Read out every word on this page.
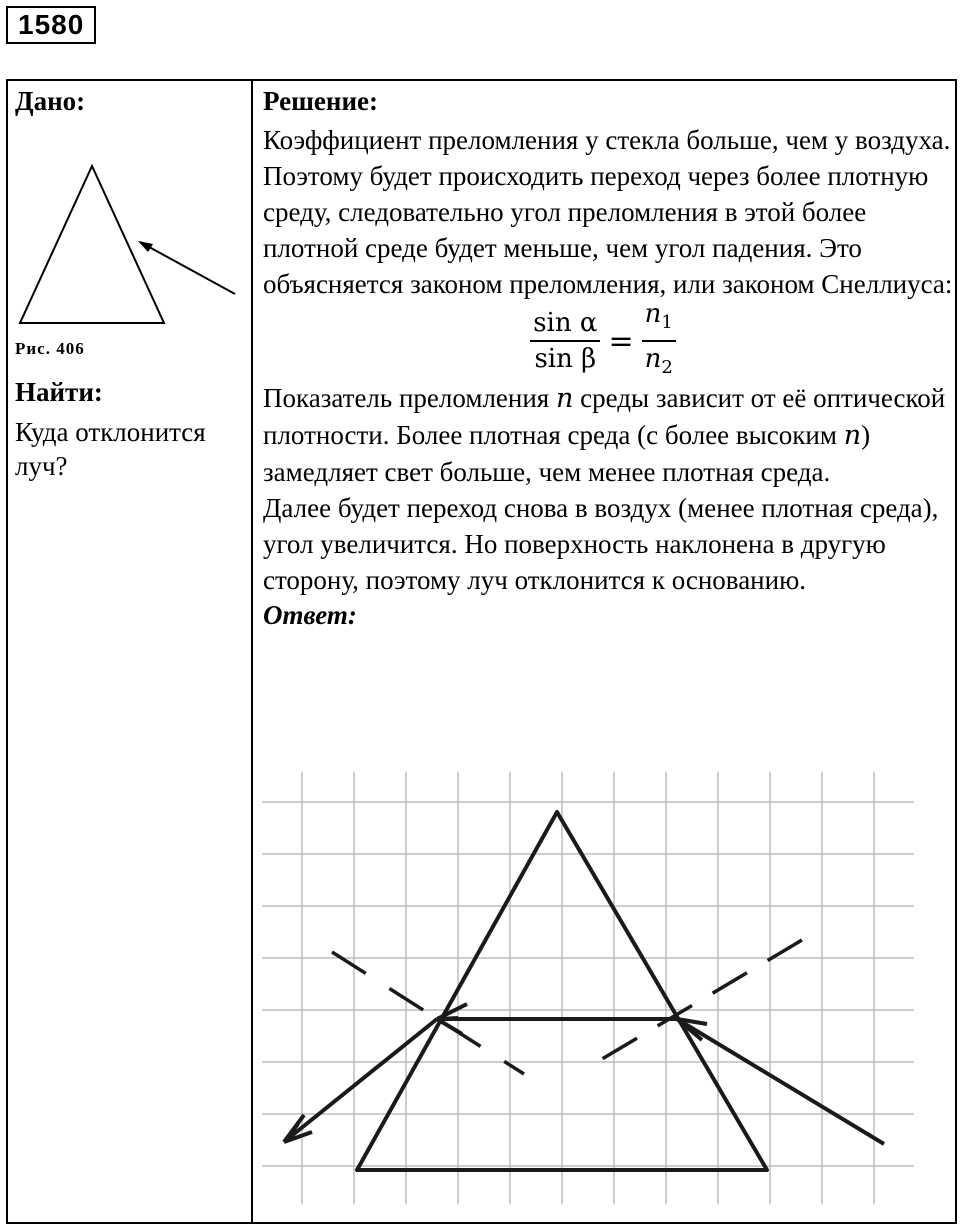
1580
Дано:
Рис. 406
Найти:
Куда отклонится луч?
Решение:
Коэффициент преломления у стекла больше, чем у воздуха.
Поэтому будет происходить переход через более плотную среду, следовательно угол преломления в этой более плотной среде будет меньше, чем угол падения. Это объясняется законом преломления, или законом Снеллиуса:
$\frac{\text{sin α}}{\text{sin β}} = \frac{n_1}{n_2}$
Показатель преломления n среды зависит от её оптической плотности. Более плотная среда (с более высоким n) замедляет свет больше, чем менее плотная среда.
Далее будет переход снова в воздух (менее плотная среда), угол увеличится. Но поверхность наклонена в другую сторону, поэтому луч отклонится к основанию.
Ответ:
